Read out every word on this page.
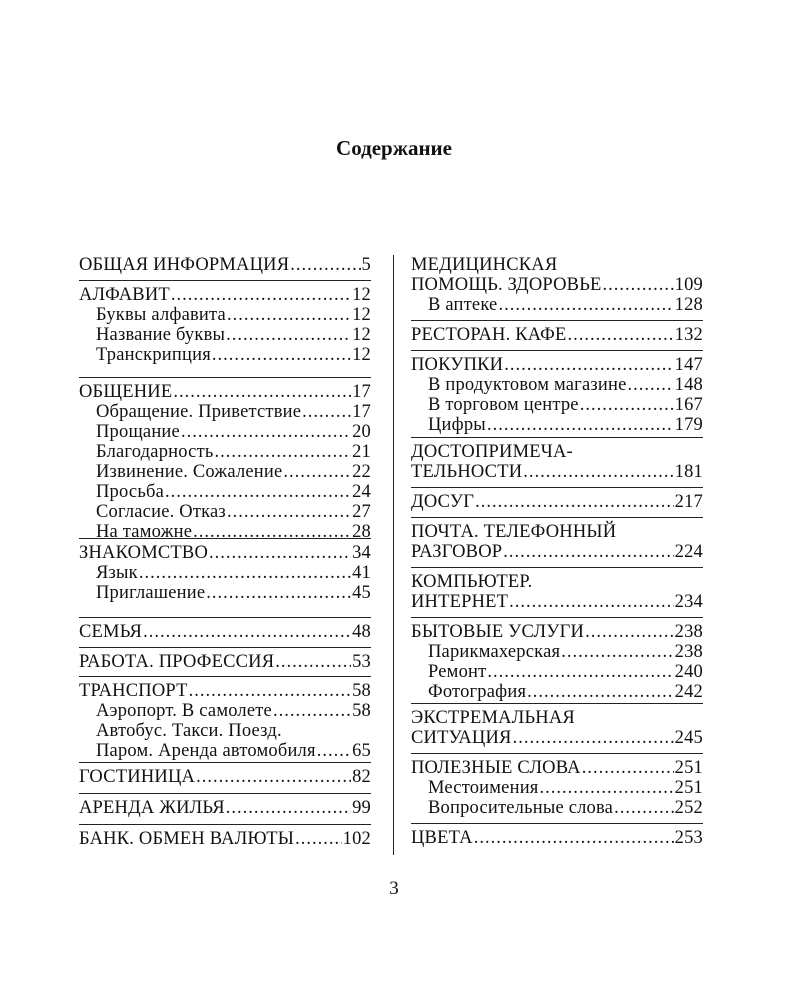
Содержание
ОБЩАЯ ИНФОРМАЦИЯ .....	5
АЛФАВИТ .....	12
Буквы алфавита .....	12
Название буквы .....	12
Транскрипция .....	12
ОБЩЕНИЕ .....	17
Обращение. Приветствие .....	17
Прощание .....	20
Благодарность .....	21
Извинение. Сожаление .....	22
Просьба .....	24
Согласие. Отказ .....	27
На таможне .....	28
ЗНАКОМСТВО .....	34
Язык .....	41
Приглашение .....	45
СЕМЬЯ .....	48
РАБОТА. ПРОФЕССИЯ .....	53
ТРАНСПОРТ .....	58
Аэропорт. В самолете .....	58
Автобус. Такси. Поезд.
Паром. Аренда автомобиля ..... 65
ГОСТИНИЦА .....	82
АРЕНДА ЖИЛЬЯ .....	99
БАНК. ОБМЕН ВАЛЮТЫ .....	102
МЕДИЦИНСКАЯ
ПОМОЩЬ. ЗДОРОВЬЕ .....	109
В аптеке .....	128
РЕСТОРАН. КАФЕ .....	132
ПОКУПКИ .....	147
В продуктовом магазине .....	148
В торговом центре .....	167
Цифры .....	179
ДОСТОПРИМЕЧА-
ТЕЛЬНОСТИ .....	181
ДОСУГ .....	217
ПОЧТА. ТЕЛЕФОННЫЙ
РАЗГОВОР .....	224
КОМПЬЮТЕР.
ИНТЕРНЕТ .....	234
БЫТОВЫЕ УСЛУГИ .....	238
Парикмахерская .....	238
Ремонт .....	240
Фотография .....	242
ЭКСТРЕМАЛЬНАЯ
СИТУАЦИЯ .....	245
ПОЛЕЗНЫЕ СЛОВА .....	251
Местоимения .....	251
Вопросительные слова .....	252
ЦВЕТА .....	253
3
